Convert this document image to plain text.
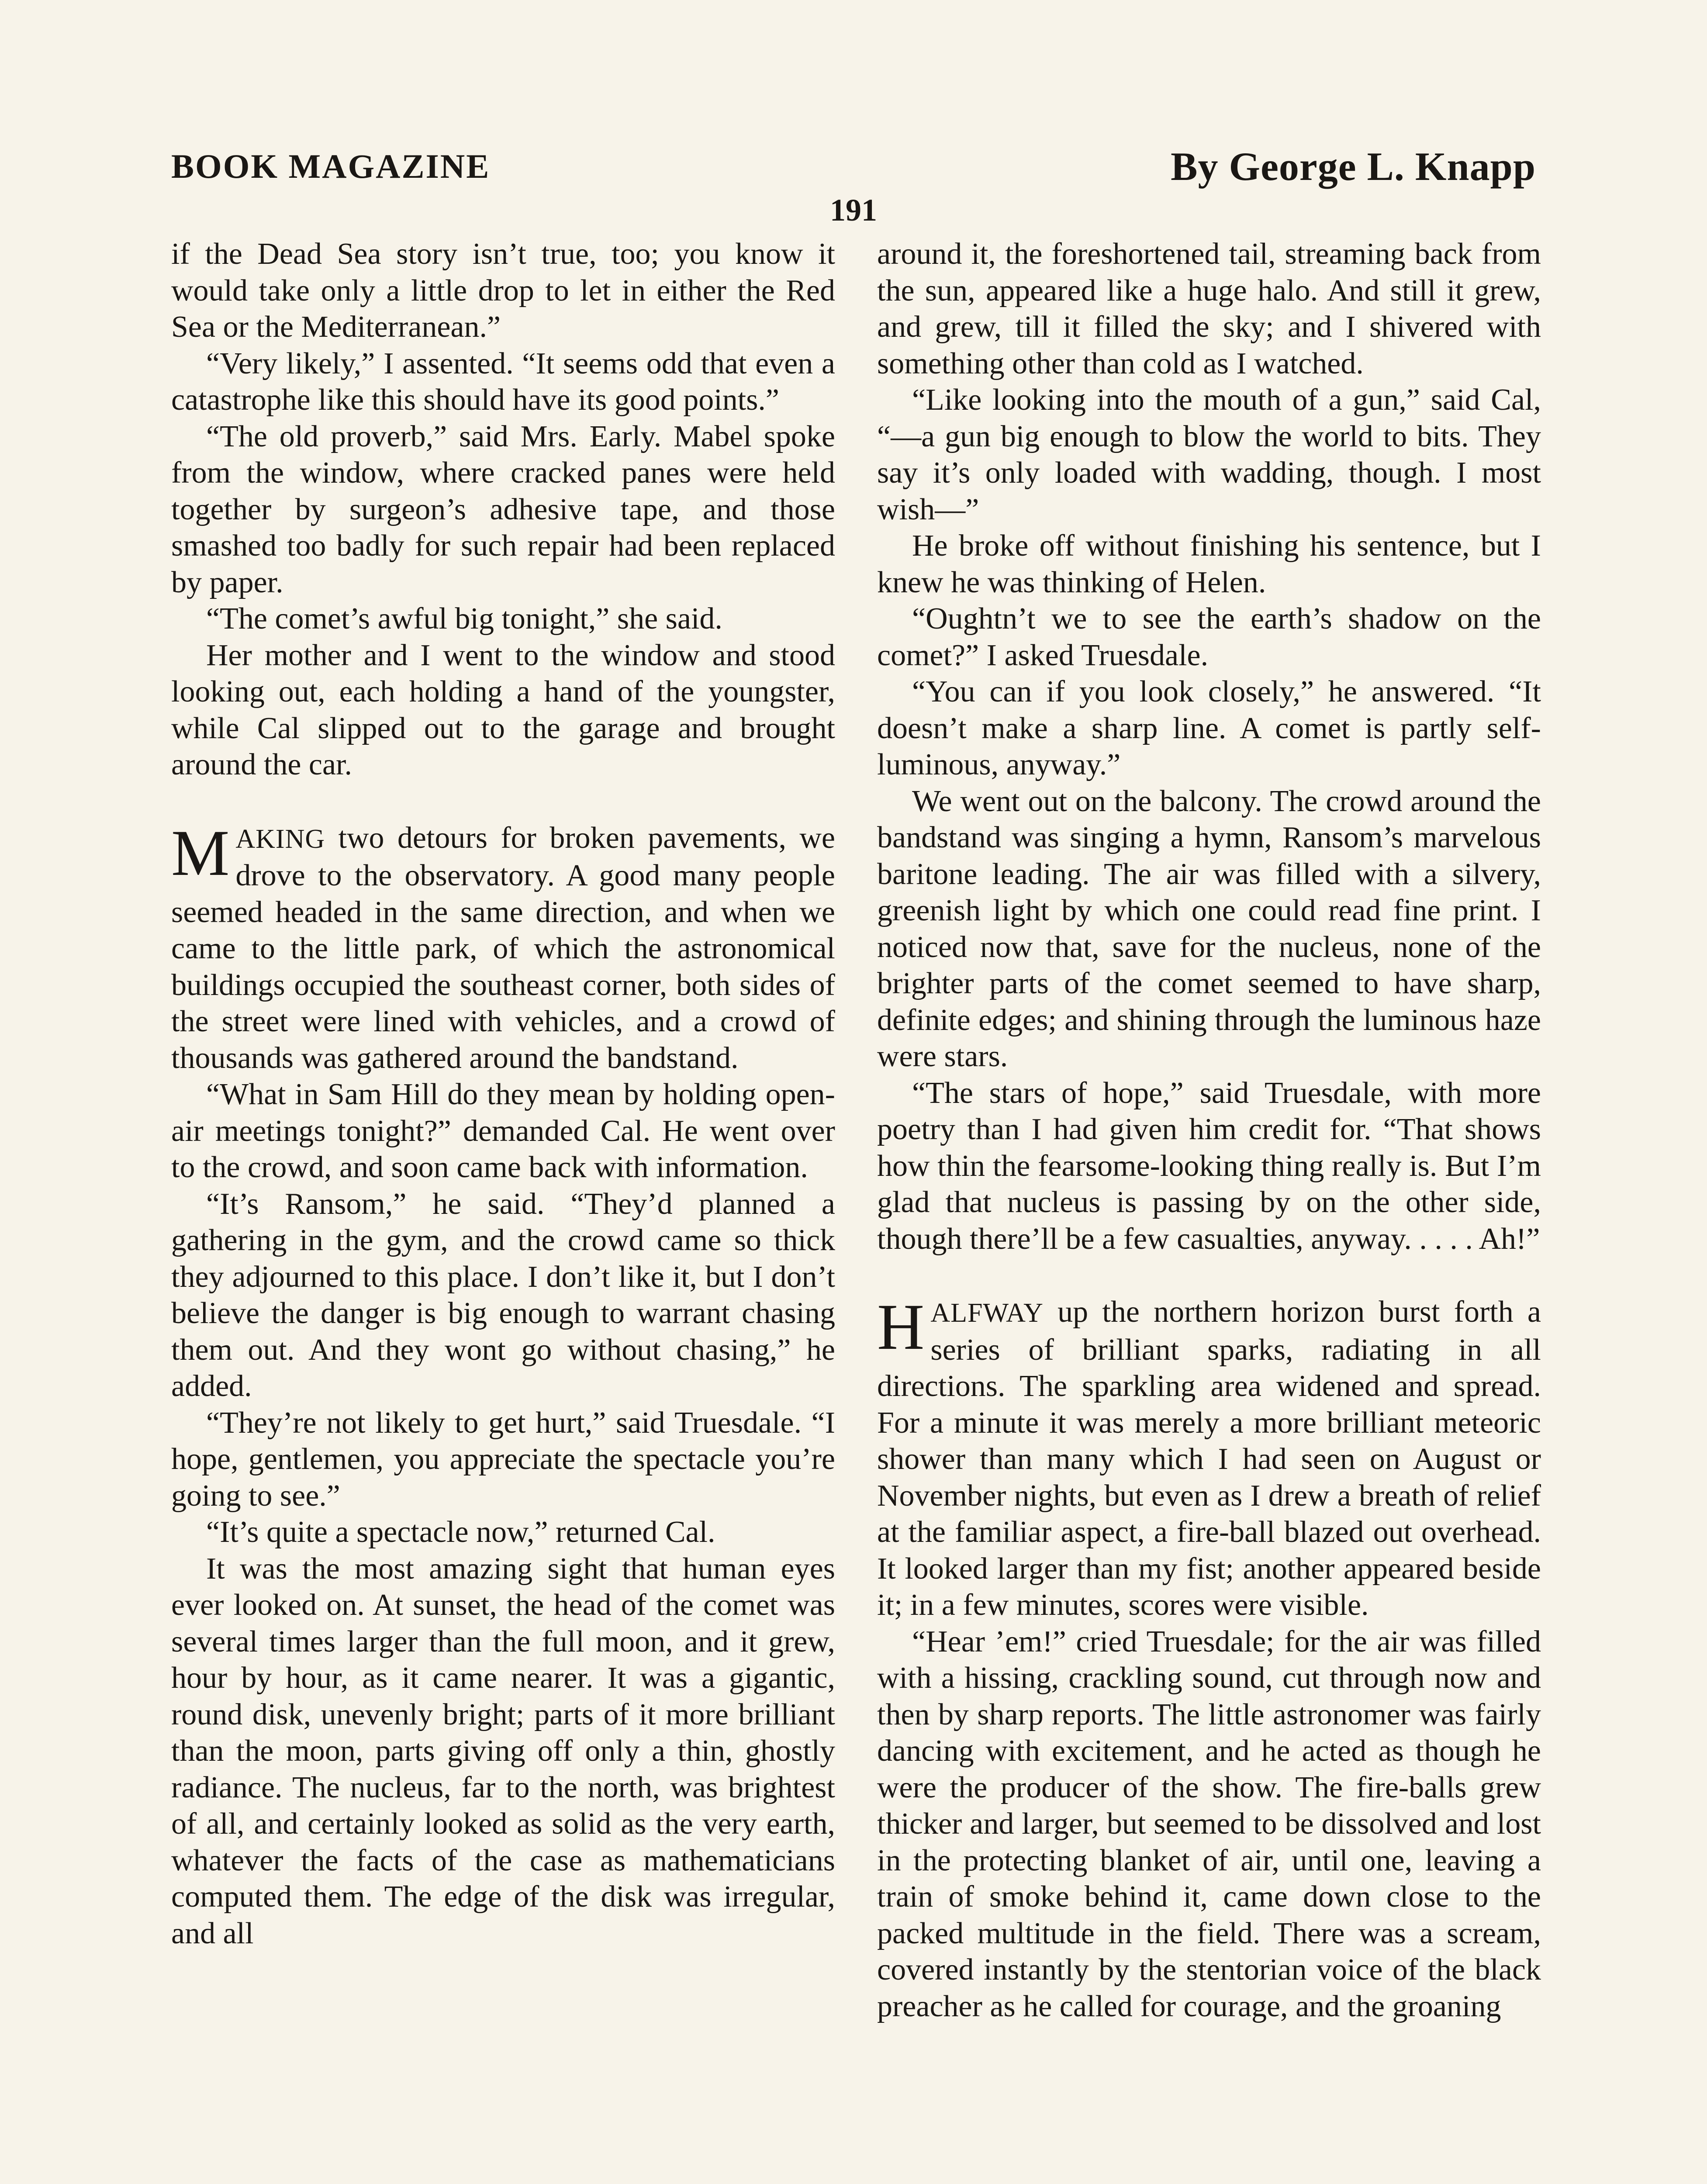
BOOK MAGAZINE	By George L. Knapp
191

if the Dead Sea story isn’t true, too; you know it would take only a little drop to let in either the Red Sea or the Mediterranean.”

“Very likely,” I assented. “It seems odd that even a catastrophe like this should have its good points.”

“The old proverb,” said Mrs. Early. Mabel spoke from the window, where cracked panes were held together by surgeon’s adhesive tape, and those smashed too badly for such repair had been replaced by paper.

“The comet’s awful big tonight,” she said.

Her mother and I went to the window and stood looking out, each holding a hand of the youngster, while Cal slipped out to the garage and brought around the car.

MAKING two detours for broken pavements, we drove to the observatory. A good many people seemed headed in the same direction, and when we came to the little park, of which the astronomical buildings occupied the southeast corner, both sides of the street were lined with vehicles, and a crowd of thousands was gathered around the bandstand.

“What in Sam Hill do they mean by holding open-air meetings tonight?” demanded Cal. He went over to the crowd, and soon came back with information.

“It’s Ransom,” he said. “They’d planned a gathering in the gym, and the crowd came so thick they adjourned to this place. I don’t like it, but I don’t believe the danger is big enough to warrant chasing them out. And they wont go without chasing,” he added.

“They’re not likely to get hurt,” said Truesdale. “I hope, gentlemen, you appreciate the spectacle you’re going to see.”

“It’s quite a spectacle now,” returned Cal.

It was the most amazing sight that human eyes ever looked on. At sunset, the head of the comet was several times larger than the full moon, and it grew, hour by hour, as it came nearer. It was a gigantic, round disk, unevenly bright; parts of it more brilliant than the moon, parts giving off only a thin, ghostly radiance. The nucleus, far to the north, was brightest of all, and certainly looked as solid as the very earth, whatever the facts of the case as mathematicians computed them. The edge of the disk was irregular, and all

around it, the foreshortened tail, streaming back from the sun, appeared like a huge halo. And still it grew, and grew, till it filled the sky; and I shivered with something other than cold as I watched.

“Like looking into the mouth of a gun,” said Cal, “—a gun big enough to blow the world to bits. They say it’s only loaded with wadding, though. I most wish—”

He broke off without finishing his sentence, but I knew he was thinking of Helen.

“Oughtn’t we to see the earth’s shadow on the comet?” I asked Truesdale.

“You can if you look closely,” he answered. “It doesn’t make a sharp line. A comet is partly self-luminous, anyway.”

We went out on the balcony. The crowd around the bandstand was singing a hymn, Ransom’s marvelous baritone leading. The air was filled with a silvery, greenish light by which one could read fine print. I noticed now that, save for the nucleus, none of the brighter parts of the comet seemed to have sharp, definite edges; and shining through the luminous haze were stars.

“The stars of hope,” said Truesdale, with more poetry than I had given him credit for. “That shows how thin the fearsome-looking thing really is. But I’m glad that nucleus is passing by on the other side, though there’ll be a few casualties, anyway. . . . . Ah!”

HALFWAY up the northern horizon burst forth a series of brilliant sparks, radiating in all directions. The sparkling area widened and spread. For a minute it was merely a more brilliant meteoric shower than many which I had seen on August or November nights, but even as I drew a breath of relief at the familiar aspect, a fire-ball blazed out overhead. It looked larger than my fist; another appeared beside it; in a few minutes, scores were visible.

“Hear ’em!” cried Truesdale; for the air was filled with a hissing, crackling sound, cut through now and then by sharp reports. The little astronomer was fairly dancing with excitement, and he acted as though he were the producer of the show. The fire-balls grew thicker and larger, but seemed to be dissolved and lost in the protecting blanket of air, until one, leaving a train of smoke behind it, came down close to the packed multitude in the field. There was a scream, covered instantly by the stentorian voice of the black preacher as he called for courage, and the groaning
